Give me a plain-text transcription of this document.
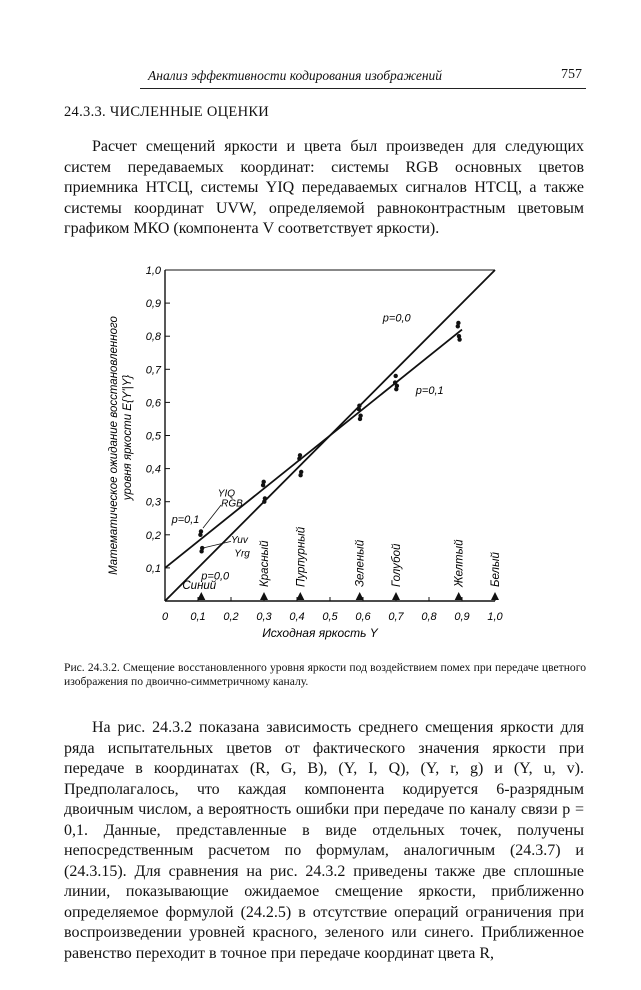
Анализ эффективности кодирования изображений	757
24.3.3. ЧИСЛЕННЫЕ ОЦЕНКИ

Расчет смещений яркости и цвета был произведен для следующих систем передаваемых координат: системы RGB основных цветов приемника НТСЦ, системы YIQ передаваемых сигналов НТСЦ, а также системы координат UVW, определяемой равноконтрастным цветовым графиком МКО (компонента V соответствует яркости).

0,1
0,2
0,3
0,4
0,5
0,6
0,7
0,8
0,9
1,0
0 0,1 0,2 0,3 0,4 0,5 0,6 0,7 0,8 0,9 1,0
Исходная яркость Y
Математическое ожидание восстановленного уровня яркости E{Y'|Y}
p=0,0
p=0,1
p=0,1
p=0,0
Синий	Красный Пурпурный	Зеленый Голубой	Желтый Белый
RGB
YIQ
Yuv
Yrg

Рис. 24.3.2. Смещение восстановленного уровня яркости под воздействием помех при передаче цветного изображения по двоично-симметричному каналу.

На рис. 24.3.2 показана зависимость среднего смещения яркости для ряда испытательных цветов от фактического значения яркости при передаче в координатах (R, G, B), (Y, I, Q), (Y, r, g) и (Y, u, v). Предполагалось, что каждая компонента кодируется 6-разрядным двоичным числом, а вероятность ошибки при передаче по каналу связи p = 0,1. Данные, представленные в виде отдельных точек, получены непосредственным расчетом по формулам, аналогичным (24.3.7) и (24.3.15). Для сравнения на рис. 24.3.2 приведены также две сплошные линии, показывающие ожидаемое смещение яркости, приближенно определяемое формулой (24.2.5) в отсутствие операций ограничения при воспроизведении уровней красного, зеленого или синего. Приближенное равенство переходит в точное при передаче координат цвета R,
